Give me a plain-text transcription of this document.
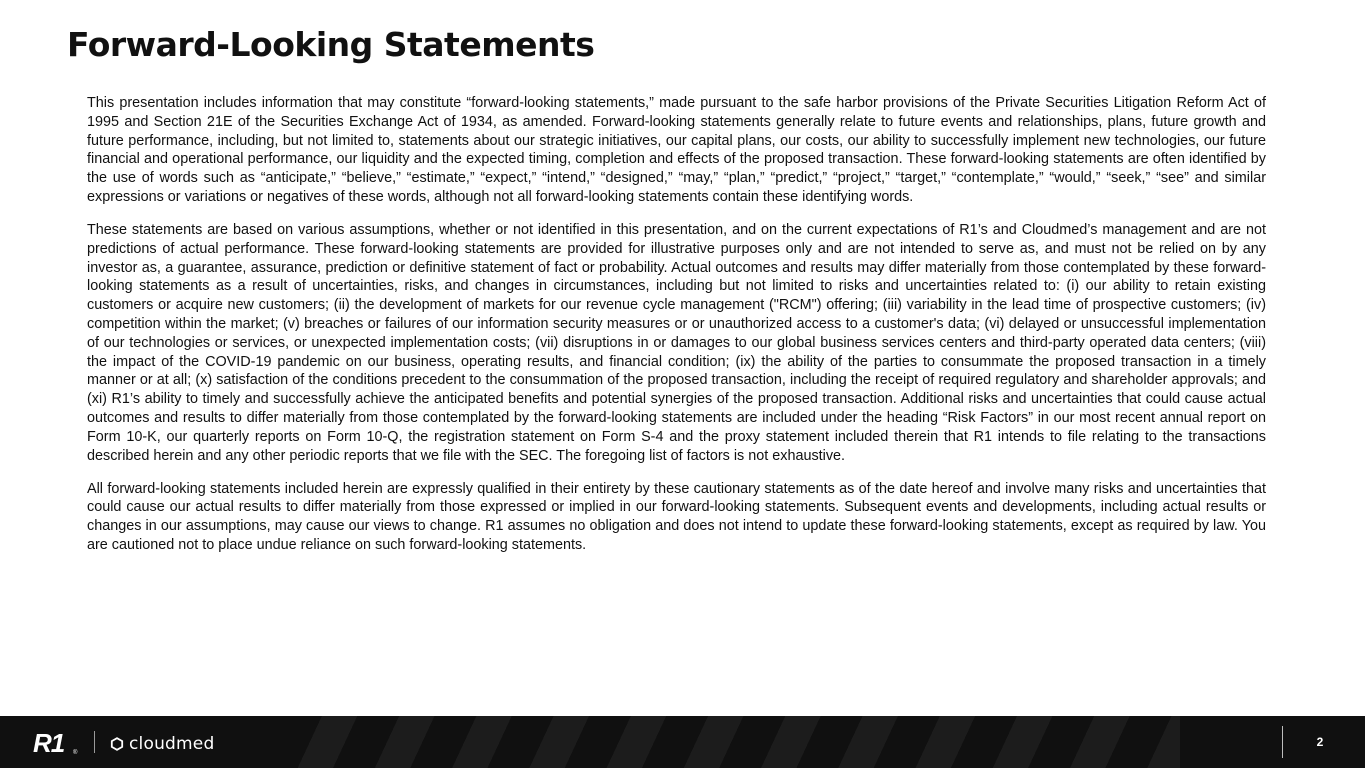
Forward-Looking Statements

This presentation includes information that may constitute “forward-looking statements,” made pursuant to the safe harbor provisions of the Private Securities Litigation Reform Act of 1995 and Section 21E of the Securities Exchange Act of 1934, as amended. Forward-looking statements generally relate to future events and relationships, plans, future growth and future performance, including, but not limited to, statements about our strategic initiatives, our capital plans, our costs, our ability to successfully implement new technologies, our future financial and operational performance, our liquidity and the expected timing, completion and effects of the proposed transaction. These forward-looking statements are often identified by the use of words such as “anticipate,” “believe,” “estimate,” “expect,” “intend,” “designed,” “may,” “plan,” “predict,” “project,” “target,” “contemplate,” “would,” “seek,” “see” and similar expressions or variations or negatives of these words, although not all forward-looking statements contain these identifying words.

These statements are based on various assumptions, whether or not identified in this presentation, and on the current expectations of R1’s and Cloudmed’s management and are not predictions of actual performance. These forward-looking statements are provided for illustrative purposes only and are not intended to serve as, and must not be relied on by any investor as, a guarantee, assurance, prediction or definitive statement of fact or probability. Actual outcomes and results may differ materially from those contemplated by these forward-looking statements as a result of uncertainties, risks, and changes in circumstances, including but not limited to risks and uncertainties related to: (i) our ability to retain existing customers or acquire new customers; (ii) the development of markets for our revenue cycle management ("RCM") offering; (iii) variability in the lead time of prospective customers; (iv) competition within the market; (v) breaches or failures of our information security measures or or unauthorized access to a customer's data; (vi) delayed or unsuccessful implementation of our technologies or services, or unexpected implementation costs; (vii) disruptions in or damages to our global business services centers and third-party operated data centers; (viii) the impact of the COVID-19 pandemic on our business, operating results, and financial condition; (ix) the ability of the parties to consummate the proposed transaction in a timely manner or at all; (x) satisfaction of the conditions precedent to the consummation of the proposed transaction, including the receipt of required regulatory and shareholder approvals; and (xi) R1’s ability to timely and successfully achieve the anticipated benefits and potential synergies of the proposed transaction. Additional risks and uncertainties that could cause actual outcomes and results to differ materially from those contemplated by the forward-looking statements are included under the heading “Risk Factors” in our most recent annual report on Form 10-K, our quarterly reports on Form 10-Q, the registration statement on Form S-4 and the proxy statement included therein that R1 intends to file relating to the transactions described herein and any other periodic reports that we file with the SEC. The foregoing list of factors is not exhaustive.

All forward-looking statements included herein are expressly qualified in their entirety by these cautionary statements as of the date hereof and involve many risks and uncertainties that could cause our actual results to differ materially from those expressed or implied in our forward-looking statements. Subsequent events and developments, including actual results or changes in our assumptions, may cause our views to change. R1 assumes no obligation and does not intend to update these forward-looking statements, except as required by law. You are cautioned not to place undue reliance on such forward-looking statements.

R1 ®	cloudmed	2
